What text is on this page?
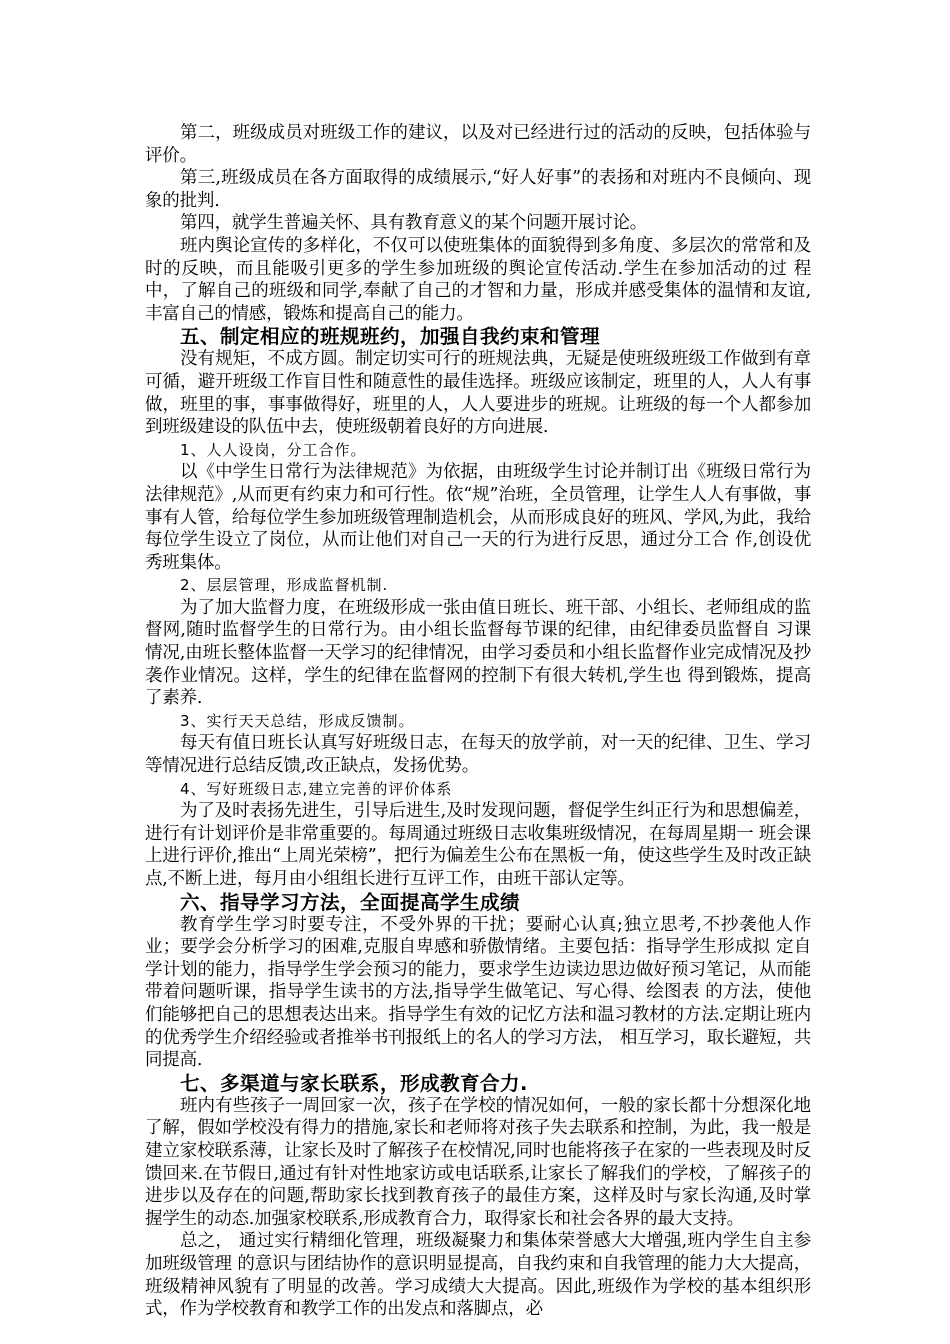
第二，班级成员对班级工作的建议，以及对已经进行过的活动的反映，包括体验与评价。

第三,班级成员在各方面取得的成绩展示,“好人好事”的表扬和对班内不良倾向、现象的批判.

第四，就学生普遍关怀、具有教育意义的某个问题开展讨论。

班内舆论宣传的多样化，不仅可以使班集体的面貌得到多角度、多层次的常常和及时的反映，而且能吸引更多的学生参加班级的舆论宣传活动.学生在参加活动的过 程中，了解自己的班级和同学,奉献了自己的才智和力量，形成并感受集体的温情和友谊,丰富自己的情感，锻炼和提高自己的能力。

五、制定相应的班规班约，加强自我约束和管理

没有规矩，不成方圆。制定切实可行的班规法典，无疑是使班级班级工作做到有章可循，避开班级工作盲目性和随意性的最佳选择。班级应该制定，班里的人，人人有事做，班里的事，事事做得好，班里的人，人人要进步的班规。让班级的每一个人都参加到班级建设的队伍中去，使班级朝着良好的方向进展.

1、人人设岗，分工合作。

以《中学生日常行为法律规范》为依据，由班级学生讨论并制订出《班级日常行为法律规范》,从而更有约束力和可行性。依“规”治班，全员管理，让学生人人有事做，事 事有人管，给每位学生参加班级管理制造机会，从而形成良好的班风、学风,为此，我给每位学生设立了岗位，从而让他们对自己一天的行为进行反思，通过分工合 作,创设优秀班集体。

2、层层管理，形成监督机制.

为了加大监督力度，在班级形成一张由值日班长、班干部、小组长、老师组成的监督网,随时监督学生的日常行为。由小组长监督每节课的纪律，由纪律委员监督自 习课情况,由班长整体监督一天学习的纪律情况，由学习委员和小组长监督作业完成情况及抄袭作业情况。这样，学生的纪律在监督网的控制下有很大转机,学生也 得到锻炼，提高了素养.

3、实行天天总结，形成反馈制。

每天有值日班长认真写好班级日志，在每天的放学前，对一天的纪律、卫生、学习等情况进行总结反馈,改正缺点，发扬优势。

4、写好班级日志,建立完善的评价体系

为了及时表扬先进生，引导后进生,及时发现问题，督促学生纠正行为和思想偏差，进行有计划评价是非常重要的。每周通过班级日志收集班级情况，在每周星期一 班会课上进行评价,推出“上周光荣榜”，把行为偏差生公布在黑板一角，使这些学生及时改正缺点,不断上进，每月由小组组长进行互评工作，由班干部认定等。

六、指导学习方法，全面提高学生成绩

教育学生学习时要专注，不受外界的干扰；要耐心认真;独立思考,不抄袭他人作业；要学会分析学习的困难,克服自卑感和骄傲情绪。主要包括：指导学生形成拟 定自学计划的能力，指导学生学会预习的能力，要求学生边读边思边做好预习笔记，从而能带着问题听课，指导学生读书的方法,指导学生做笔记、写心得、绘图表 的方法，使他们能够把自己的思想表达出来。指导学生有效的记忆方法和温习教材的方法.定期让班内的优秀学生介绍经验或者推举书刊报纸上的名人的学习方法， 相互学习，取长避短，共同提高.

七、多渠道与家长联系，形成教育合力.

班内有些孩子一周回家一次，孩子在学校的情况如何，一般的家长都十分想深化地了解，假如学校没有得力的措施,家长和老师将对孩子失去联系和控制，为此，我一般是建立家校联系薄，让家长及时了解孩子在校情况,同时也能将孩子在家的一些表现及时反馈回来.在节假日,通过有针对性地家访或电话联系,让家长了解我们的学校，了解孩子的进步以及存在的问题,帮助家长找到教育孩子的最佳方案，这样及时与家长沟通,及时掌握学生的动态.加强家校联系,形成教育合力，取得家长和社会各界的最大支持。

总之， 通过实行精细化管理，班级凝聚力和集体荣誉感大大增强,班内学生自主参加班级管理 的意识与团结协作的意识明显提高，自我约束和自我管理的能力大大提高，班级精神风貌有了明显的改善。学习成绩大大提高。因此,班级作为学校的基本组织形 式，作为学校教育和教学工作的出发点和落脚点，必
